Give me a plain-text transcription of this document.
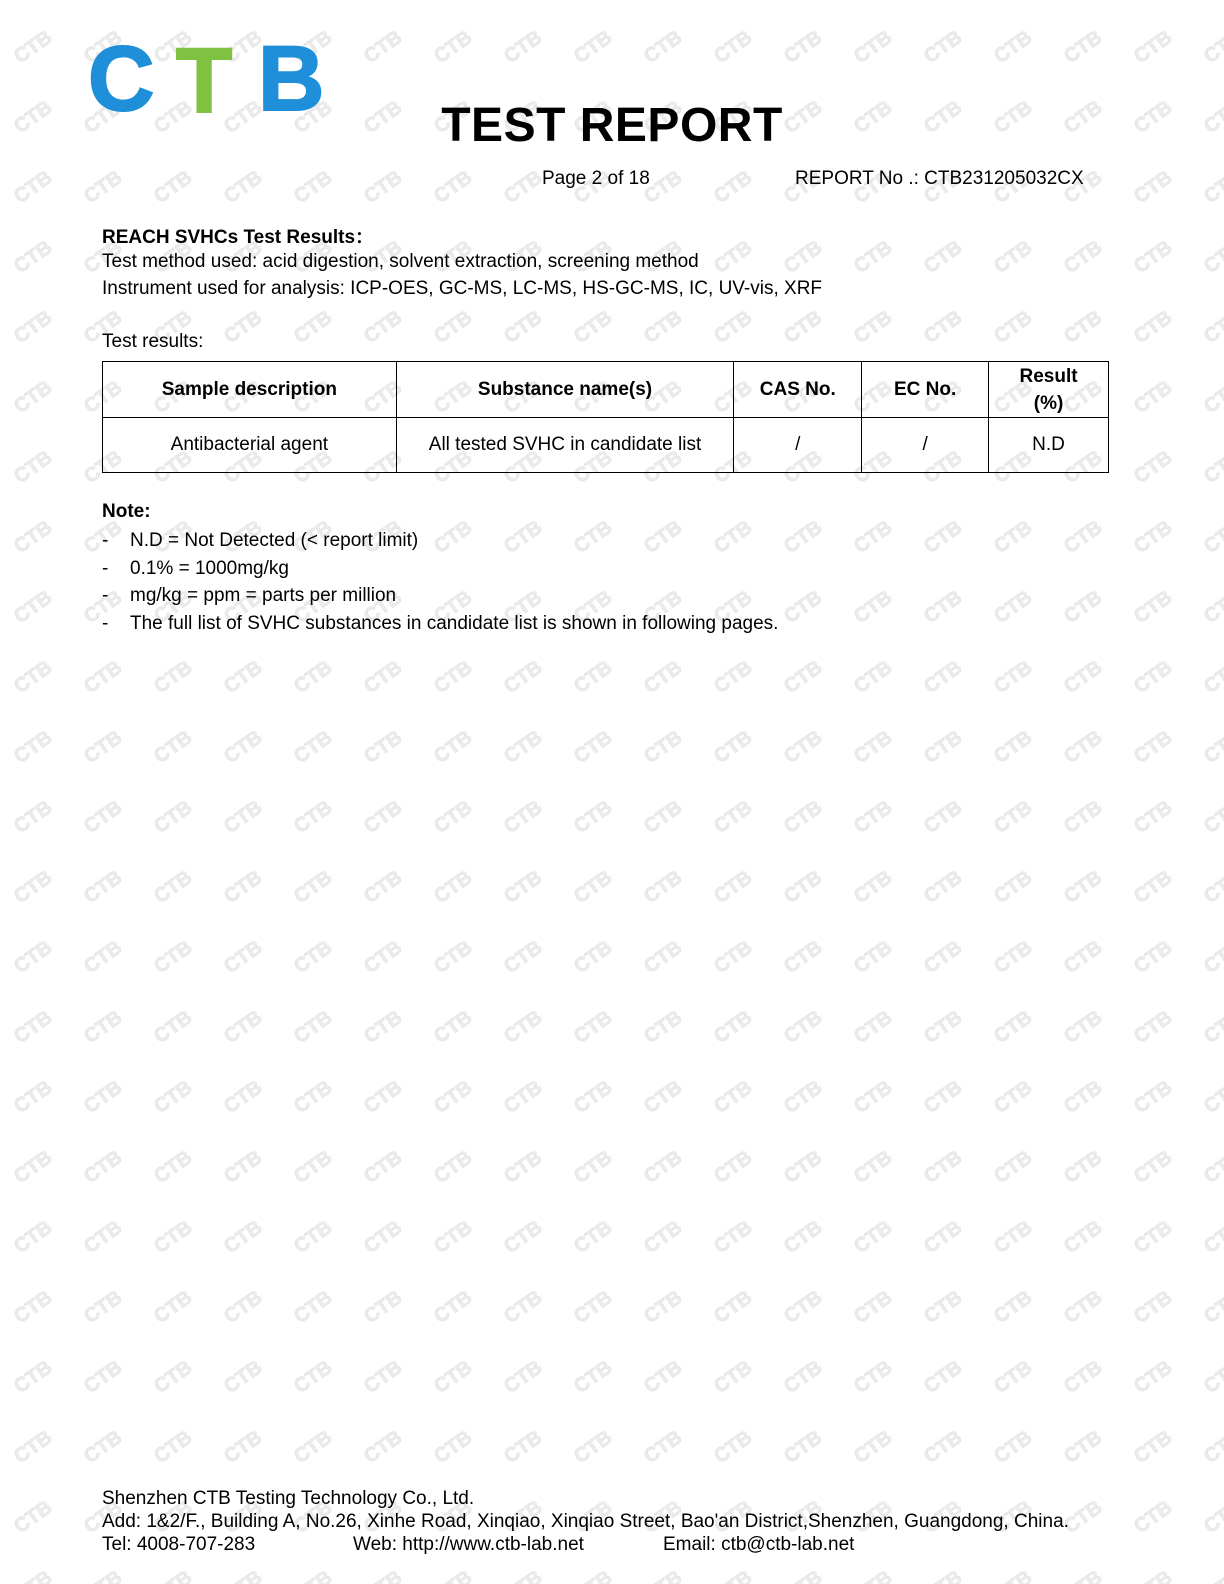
C T B	TEST REPORT
Page 2 of 18	REPORT No .: CTB231205032CX
REACH SVHCs Test Results：
Test method used: acid digestion, solvent extraction, screening method
Instrument used for analysis: ICP-OES, GC-MS, LC-MS, HS-GC-MS, IC, UV-vis, XRF
Test results:
Sample description	Substance name(s)	CAS No.	EC No.	Result
(%)
Antibacterial agent	All tested SVHC in candidate list	/	/	N.D
Note:
- N.D = Not Detected (< report limit)
- 0.1% = 1000mg/kg
- mg/kg = ppm = parts per million
- The full list of SVHC substances in candidate list is shown in following pages.
Shenzhen CTB Testing Technology Co., Ltd.
Add: 1&2/F., Building A, No.26, Xinhe Road, Xinqiao, Xinqiao Street, Bao'an District,Shenzhen, Guangdong, China.
Tel: 4008-707-283	Web: http://www.ctb-lab.net	Email: ctb@ctb-lab.net
